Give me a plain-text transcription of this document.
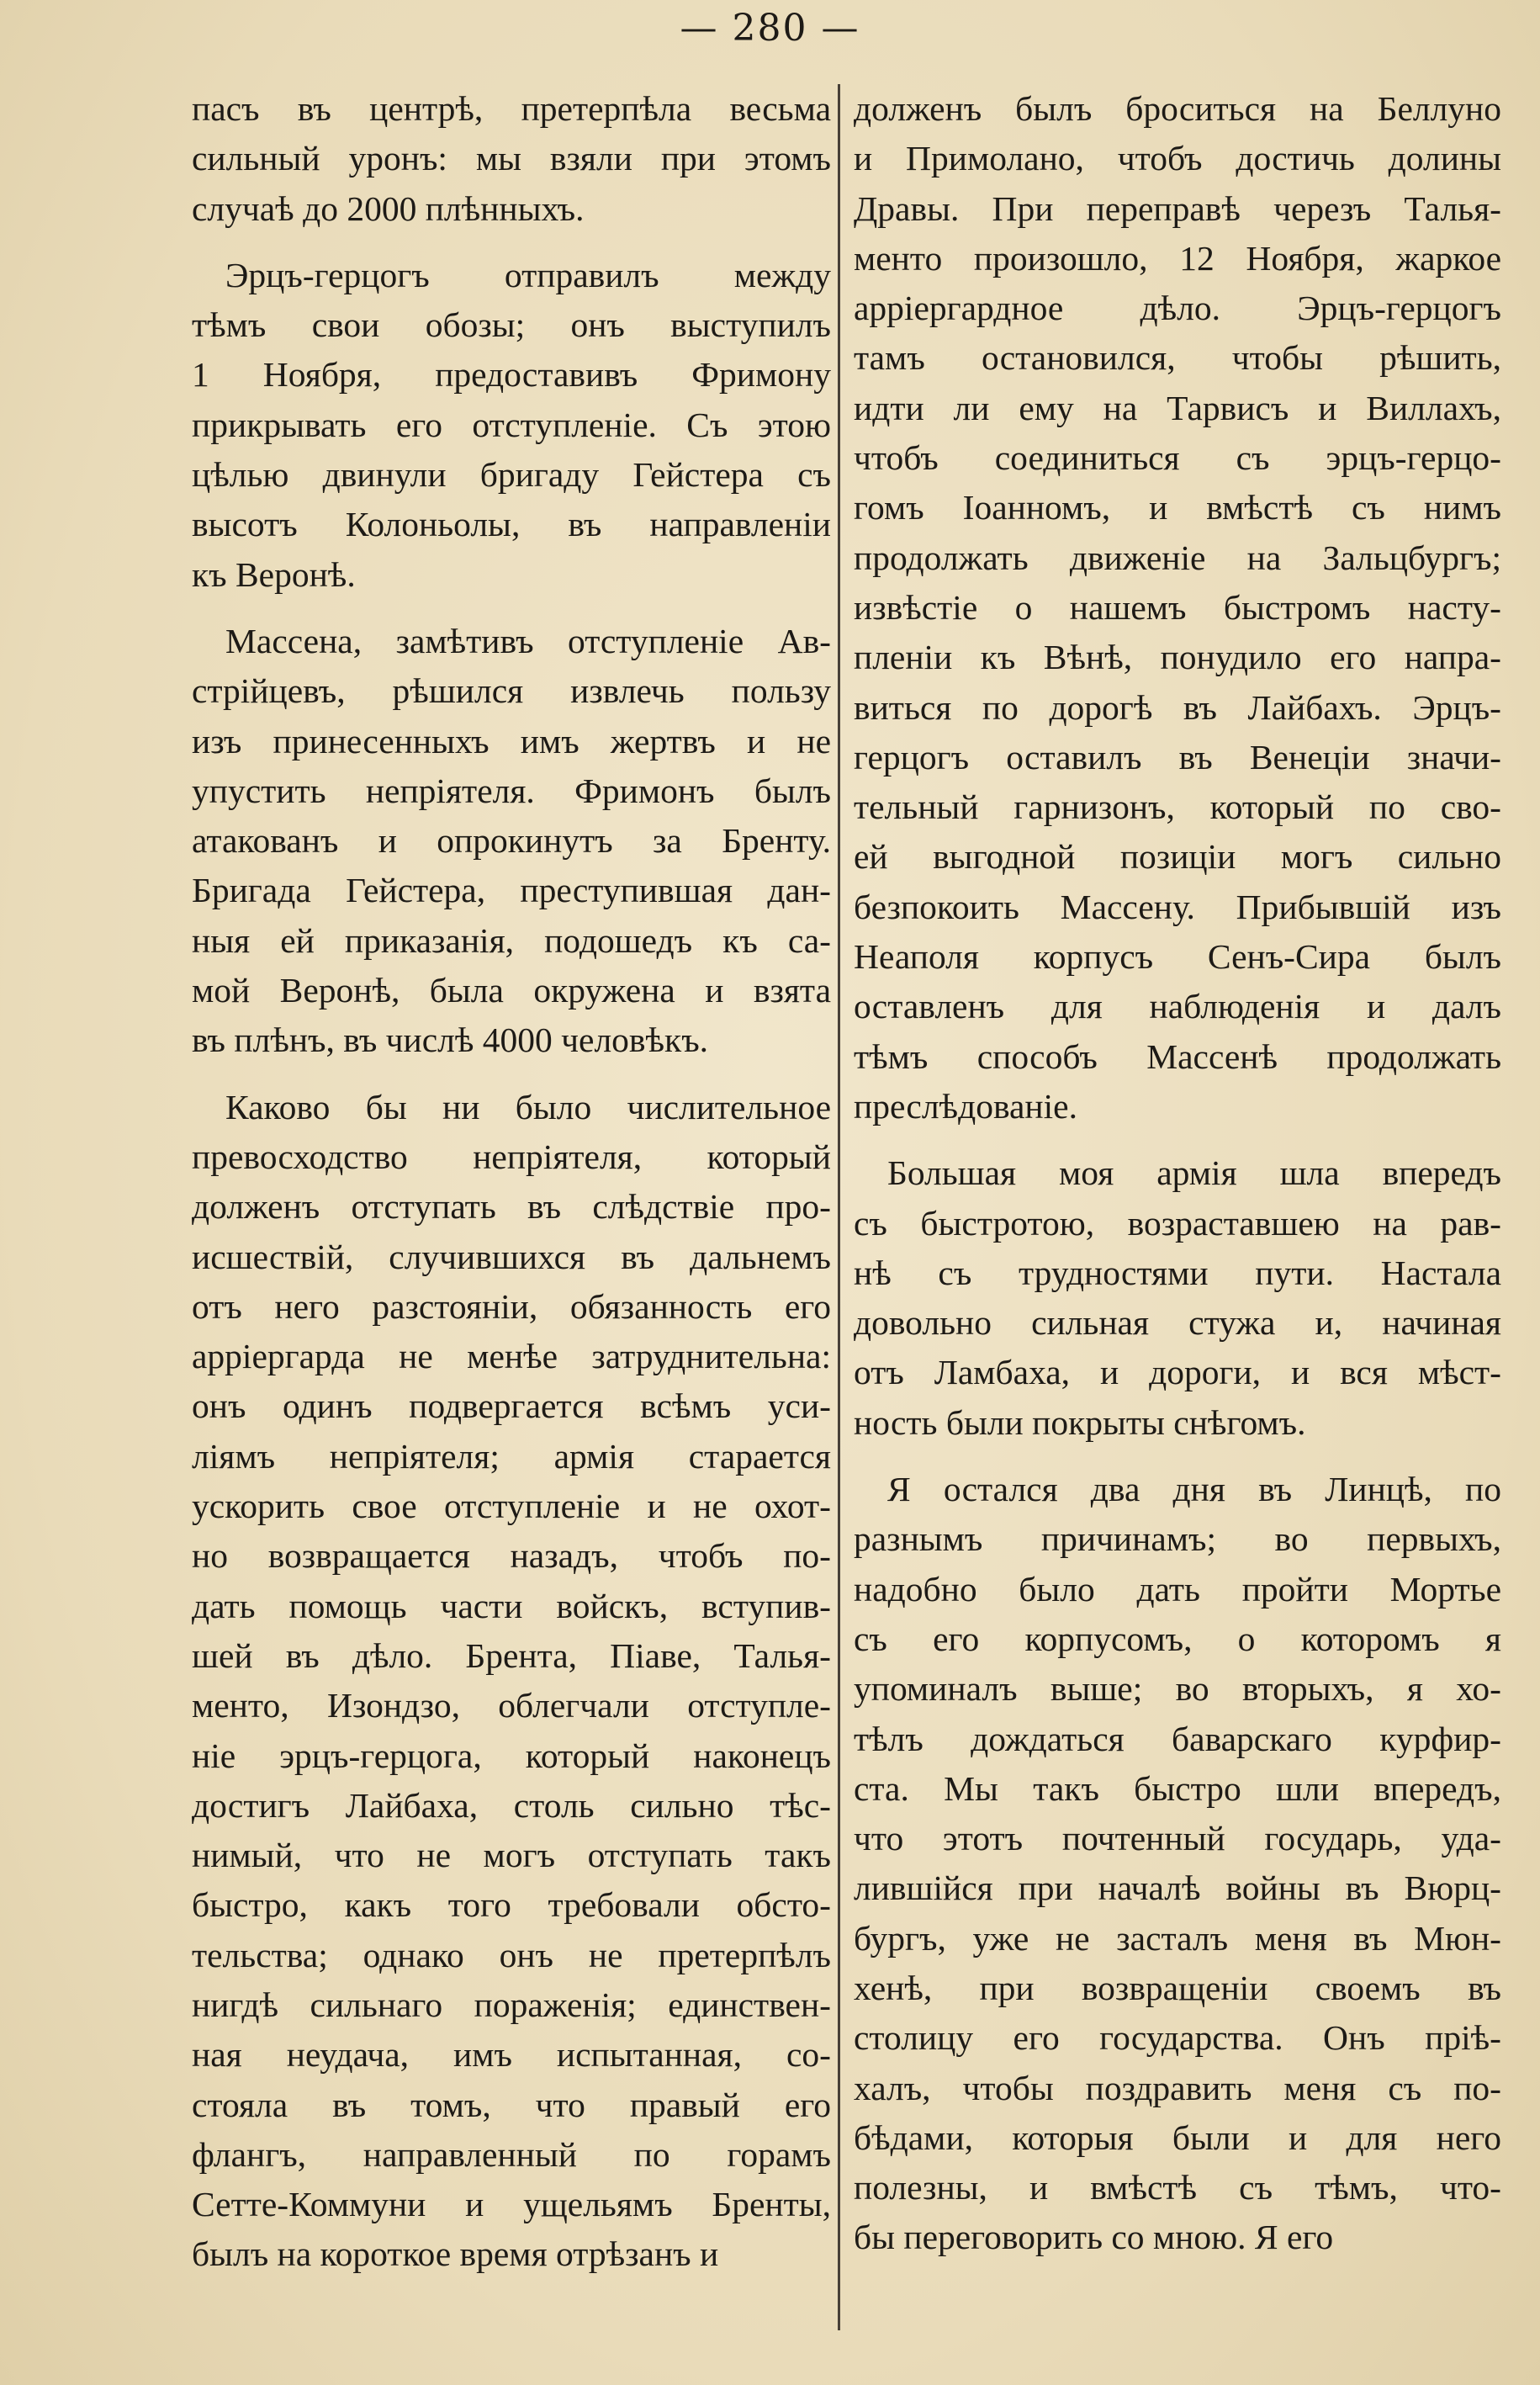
— 280 —
пасъ въ центрѣ, претерпѣла весьма
сильный уронъ: мы взяли при этомъ
случаѣ до 2000 плѣнныхъ.
Эрцъ-герцогъ отправилъ между
тѣмъ свои обозы; онъ выступилъ
1 Ноября, предоставивъ Фримону
прикрывать его отступленіе. Съ этою
цѣлью двинули бригаду Гейстера съ
высотъ Колоньолы, въ направленіи
къ Веронѣ.
Массена, замѣтивъ отступленіе Ав-
стрійцевъ, рѣшился извлечь пользу
изъ принесенныхъ имъ жертвъ и не
упустить непріятеля. Фримонъ былъ
атакованъ и опрокинутъ за Бренту.
Бригада Гейстера, преступившая дан-
ныя ей приказанія, подошедъ къ са-
мой Веронѣ, была окружена и взята
въ плѣнъ, въ числѣ 4000 человѣкъ.
Каково бы ни было числительное
превосходство непріятеля, который
долженъ отступать въ слѣдствіе про-
исшествій, случившихся въ дальнемъ
отъ него разстояніи, обязанность его
арріергарда не менѣе затруднительна:
онъ одинъ подвергается всѣмъ уси-
ліямъ непріятеля; армія старается
ускорить свое отступленіе и не охот-
но возвращается назадъ, чтобъ по-
дать помощь части войскъ, вступив-
шей въ дѣло. Брента, Піаве, Талья-
менто, Изондзо, облегчали отступле-
ніе эрцъ-герцога, который наконецъ
достигъ Лайбаха, столь сильно тѣс-
нимый, что не могъ отступать такъ
быстро, какъ того требовали обсто-
тельства; однако онъ не претерпѣлъ
нигдѣ сильнаго пораженія; единствен-
ная неудача, имъ испытанная, со-
стояла въ томъ, что правый его
флангъ, направленный по горамъ
Сетте-Коммуни и ущельямъ Бренты,
былъ на короткое время отрѣзанъ и
долженъ былъ броситься на Беллуно
и Примолано, чтобъ достичь долины
Дравы. При переправѣ черезъ Талья-
менто произошло, 12 Ноября, жаркое
арріергардное дѣло. Эрцъ-герцогъ
тамъ остановился, чтобы рѣшить,
идти ли ему на Тарвисъ и Виллахъ,
чтобъ соединиться съ эрцъ-герцо-
гомъ Іоанномъ, и вмѣстѣ съ нимъ
продолжать движеніе на Зальцбургъ;
извѣстіе о нашемъ быстромъ насту-
пленіи къ Вѣнѣ, понудило его напра-
виться по дорогѣ въ Лайбахъ. Эрцъ-
герцогъ оставилъ въ Венеціи значи-
тельный гарнизонъ, который по сво-
ей выгодной позиціи могъ сильно
безпокоить Массену. Прибывшій изъ
Неаполя корпусъ Сенъ-Сира былъ
оставленъ для наблюденія и далъ
тѣмъ способъ Массенѣ продолжать
преслѣдованіе.
Большая моя армія шла впередъ
съ быстротою, возраставшею на рав-
нѣ съ трудностями пути. Настала
довольно сильная стужа и, начиная
отъ Ламбаха, и дороги, и вся мѣст-
ность были покрыты снѣгомъ.
Я остался два дня въ Линцѣ, по
разнымъ причинамъ; во первыхъ,
надобно было дать пройти Мортье
съ его корпусомъ, о которомъ я
упоминалъ выше; во вторыхъ, я хо-
тѣлъ дождаться баварскаго курфир-
ста. Мы такъ быстро шли впередъ,
что этотъ почтенный государь, уда-
лившійся при началѣ войны въ Вюрц-
бургъ, уже не засталъ меня въ Мюн-
хенѣ, при возвращеніи своемъ въ
столицу его государства. Онъ пріѣ-
халъ, чтобы поздравить меня съ по-
бѣдами, которыя были и для него
полезны, и вмѣстѣ съ тѣмъ, что-
бы переговорить со мною. Я его
